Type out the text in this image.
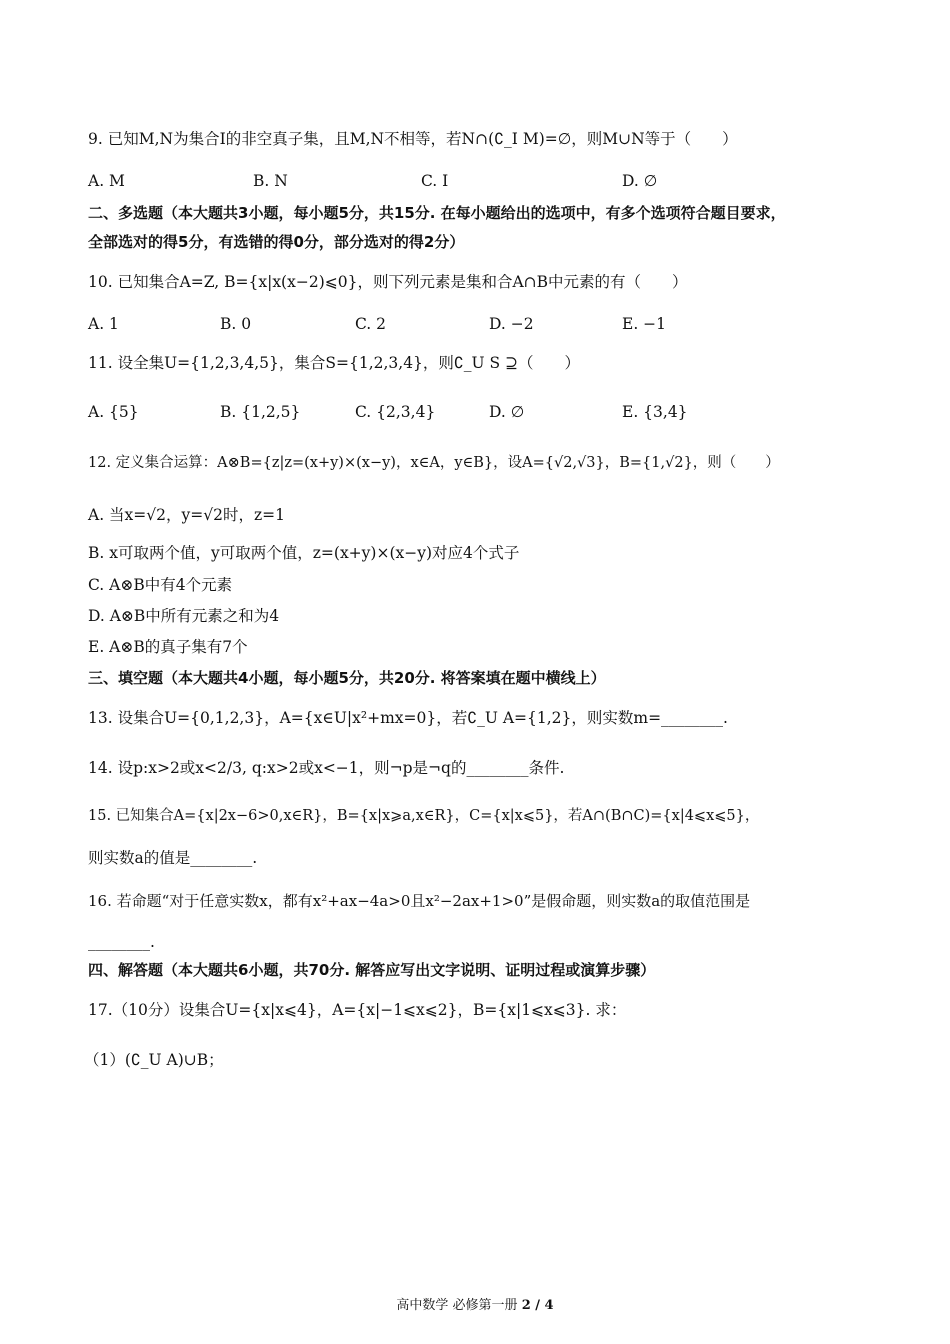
9. 已知M,N为集合I的非空真子集，且M,N不相等，若N∩(∁_I M)=∅，则M∪N等于（　　）
A. M	B. N	C. I	D. ∅
二、多选题（本大题共3小题，每小题5分，共15分. 在每小题给出的选项中，有多个选项符合题目要求，
全部选对的得5分，有选错的得0分，部分选对的得2分）
10. 已知集合A=Z, B={x|x(x−2)⩽0}，则下列元素是集和合A∩B中元素的有（　　）
A. 1	B. 0	C. 2	D. −2	E. −1
11. 设全集U={1,2,3,4,5}，集合S={1,2,3,4}，则∁_U S ⊇（　　）
A. {5}	B. {1,2,5}	C. {2,3,4}	D. ∅	E. {3,4}
12. 定义集合运算：A⊗B={z|z=(x+y)×(x−y)，x∈A，y∈B}，设A={√2,√3}，B={1,√2}，则（　　）
A. 当x=√2，y=√2时，z=1
B. x可取两个值，y可取两个值，z=(x+y)×(x−y)对应4个式子
C. A⊗B中有4个元素
D. A⊗B中所有元素之和为4
E. A⊗B的真子集有7个
三、填空题（本大题共4小题，每小题5分，共20分. 将答案填在题中横线上）
13. 设集合U={0,1,2,3}，A={x∈U|x²+mx=0}，若∁_U A={1,2}，则实数m=________.
14. 设p:x>2或x<2/3, q:x>2或x<−1，则¬p是¬q的________条件.
15. 已知集合A={x|2x−6>0,x∈R}，B={x|x⩾a,x∈R}，C={x|x⩽5}，若A∩(B∩C)={x|4⩽x⩽5}，
则实数a的值是________.
16. 若命题“对于任意实数x，都有x²+ax−4a>0且x²−2ax+1>0”是假命题，则实数a的取值范围是
________.
四、解答题（本大题共6小题，共70分. 解答应写出文字说明、证明过程或演算步骤）
17.（10分）设集合U={x|x⩽4}，A={x|−1⩽x⩽2}，B={x|1⩽x⩽3}. 求：
（1）(∁_U A)∪B；
高中数学 必修第一册 2 / 4
